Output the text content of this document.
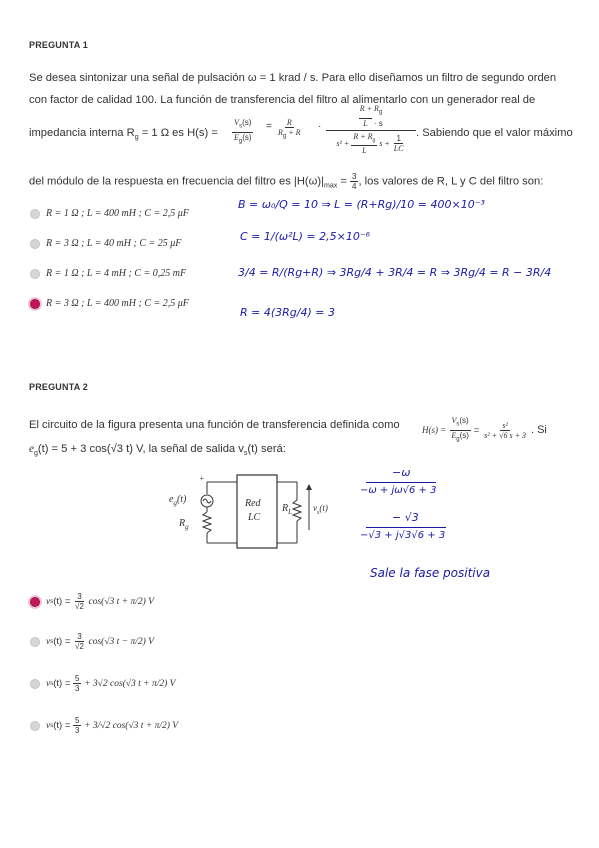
PREGUNTA 1
Se desea sintonizar una señal de pulsación ω = 1 krad / s. Para ello diseñamos un filtro de segundo orden
con factor de calidad 100. La función de transferencia del filtro al alimentarlo con un generador real de
impedancia interna $R_g = 1$ Ω es $H(s) = \frac{V_s(s)}{E_g(s)} = \frac{R}{R_g + R}$ ·
$R + R_g$
L · s
$s^2 + \frac{R + R_g}{L}$ $s + \frac{1}{LC}$
. Sabiendo que el valor máximo
del módulo de la respuesta en frecuencia del filtro es $|H(\omega)|_{max} = \frac{3}{4}$ , los valores de R, L y C del filtro son:
R = 1 Ω ; L = 400 mH ; C = 2,5 μF
R = 3 Ω ; L = 40 mH ; C = 25 μF
R = 1 Ω ; L = 4 mH ; C = 0,25 mF
R = 3 Ω ; L = 400 mH ; C = 2,5 μF
B = ω₀/Q = 10 ⇒ L = (R+Rg)/10 = 400×10⁻³
C = 1/(ω²L) = 2,5×10⁻⁶
3/4 = R/(Rg+R) ⇒ 3Rg/4 + 3R/4 = R ⇒ 3Rg/4 = R − 3R/4
R = 4(3Rg/4) = 3
PREGUNTA 2
El circuito de la figura presenta una función de transferencia definida como $H(s) = \frac{V_s(s)}{E_g(s)} = \frac{\text{s²}}{\text{s² + √6 s + 3}}$ . Si
$e_g(t) = 5 + 3$ cos(√3 t) V, la señal de salida $v_s(t)$ será:
+
$e_g(t)$
$R_g$
Red
LC
$R_L$ $v_s(t)$
−ω
−ω + jω√6 + 3
− √3
−√3 + j√3√6 + 3
Sale la fase positiva
v s (t) =
$\frac{3}{√2}$
cos(√3 t + π/2) V
v s (t) =
$\frac{3}{√2}$
cos(√3 t − π/2) V
v s (t) =
$\frac{5}{3}$
+ 3√2 cos(√3 t + π/2) V
v s (t) =
$\frac{5}{3}$
+ 3/√2 cos(√3 t + π/2) V
